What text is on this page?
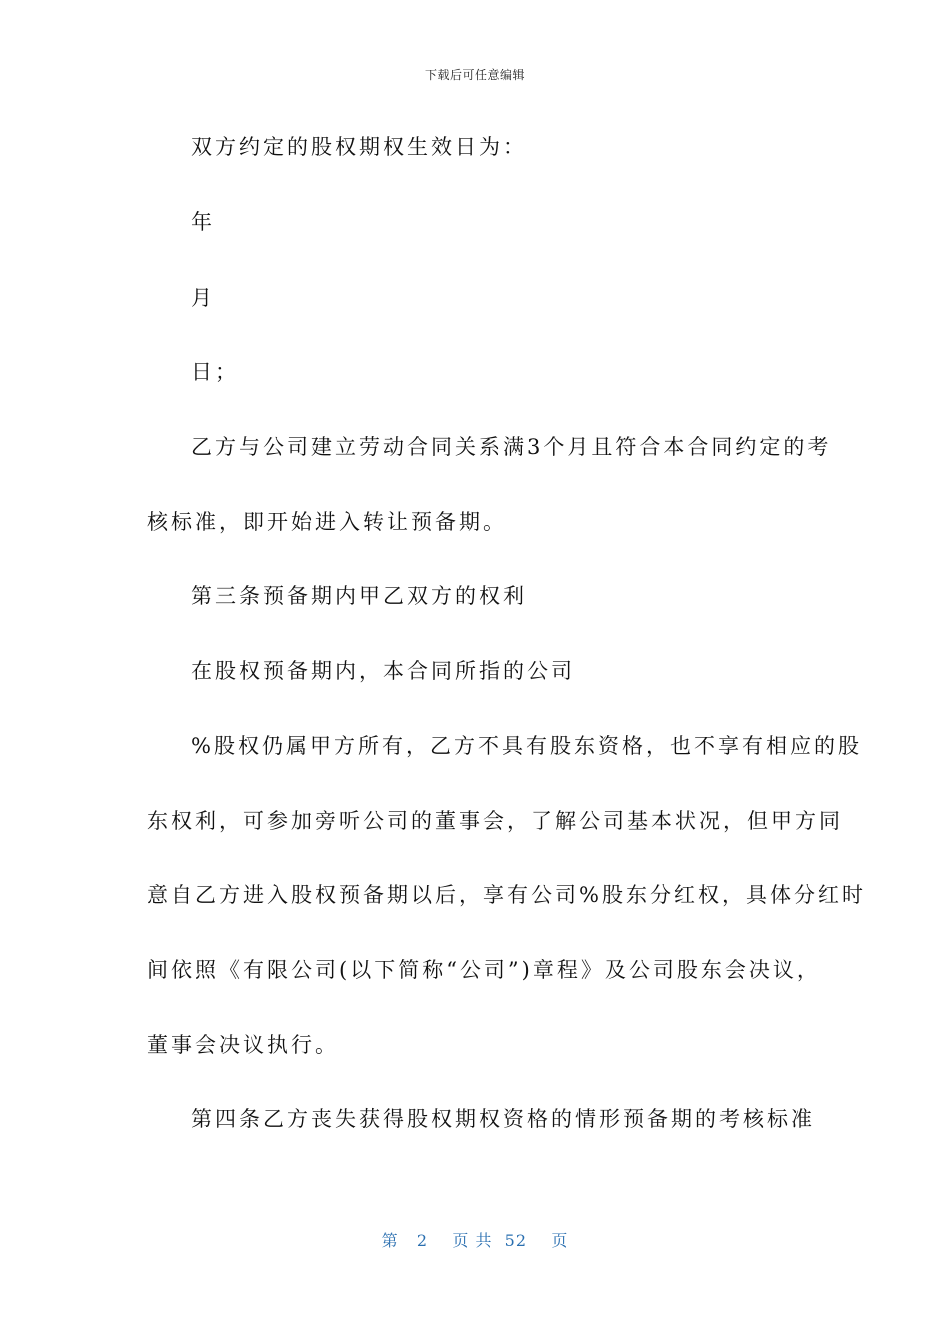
下载后可任意编辑
双方约定的股权期权生效日为：
年
月
日；
乙方与公司建立劳动合同关系满3个月且符合本合同约定的考
核标准，即开始进入转让预备期。
第三条预备期内甲乙双方的权利
在股权预备期内，本合同所指的公司
%股权仍属甲方所有，乙方不具有股东资格，也不享有相应的股
东权利，可参加旁听公司的董事会，了解公司基本状况，但甲方同
意自乙方进入股权预备期以后，享有公司%股东分红权，具体分红时
间依照《有限公司(以下简称“公司”)章程》及公司股东会决议，
董事会决议执行。
第四条乙方丧失获得股权期权资格的情形预备期的考核标准
第 2 页 共 52 页
